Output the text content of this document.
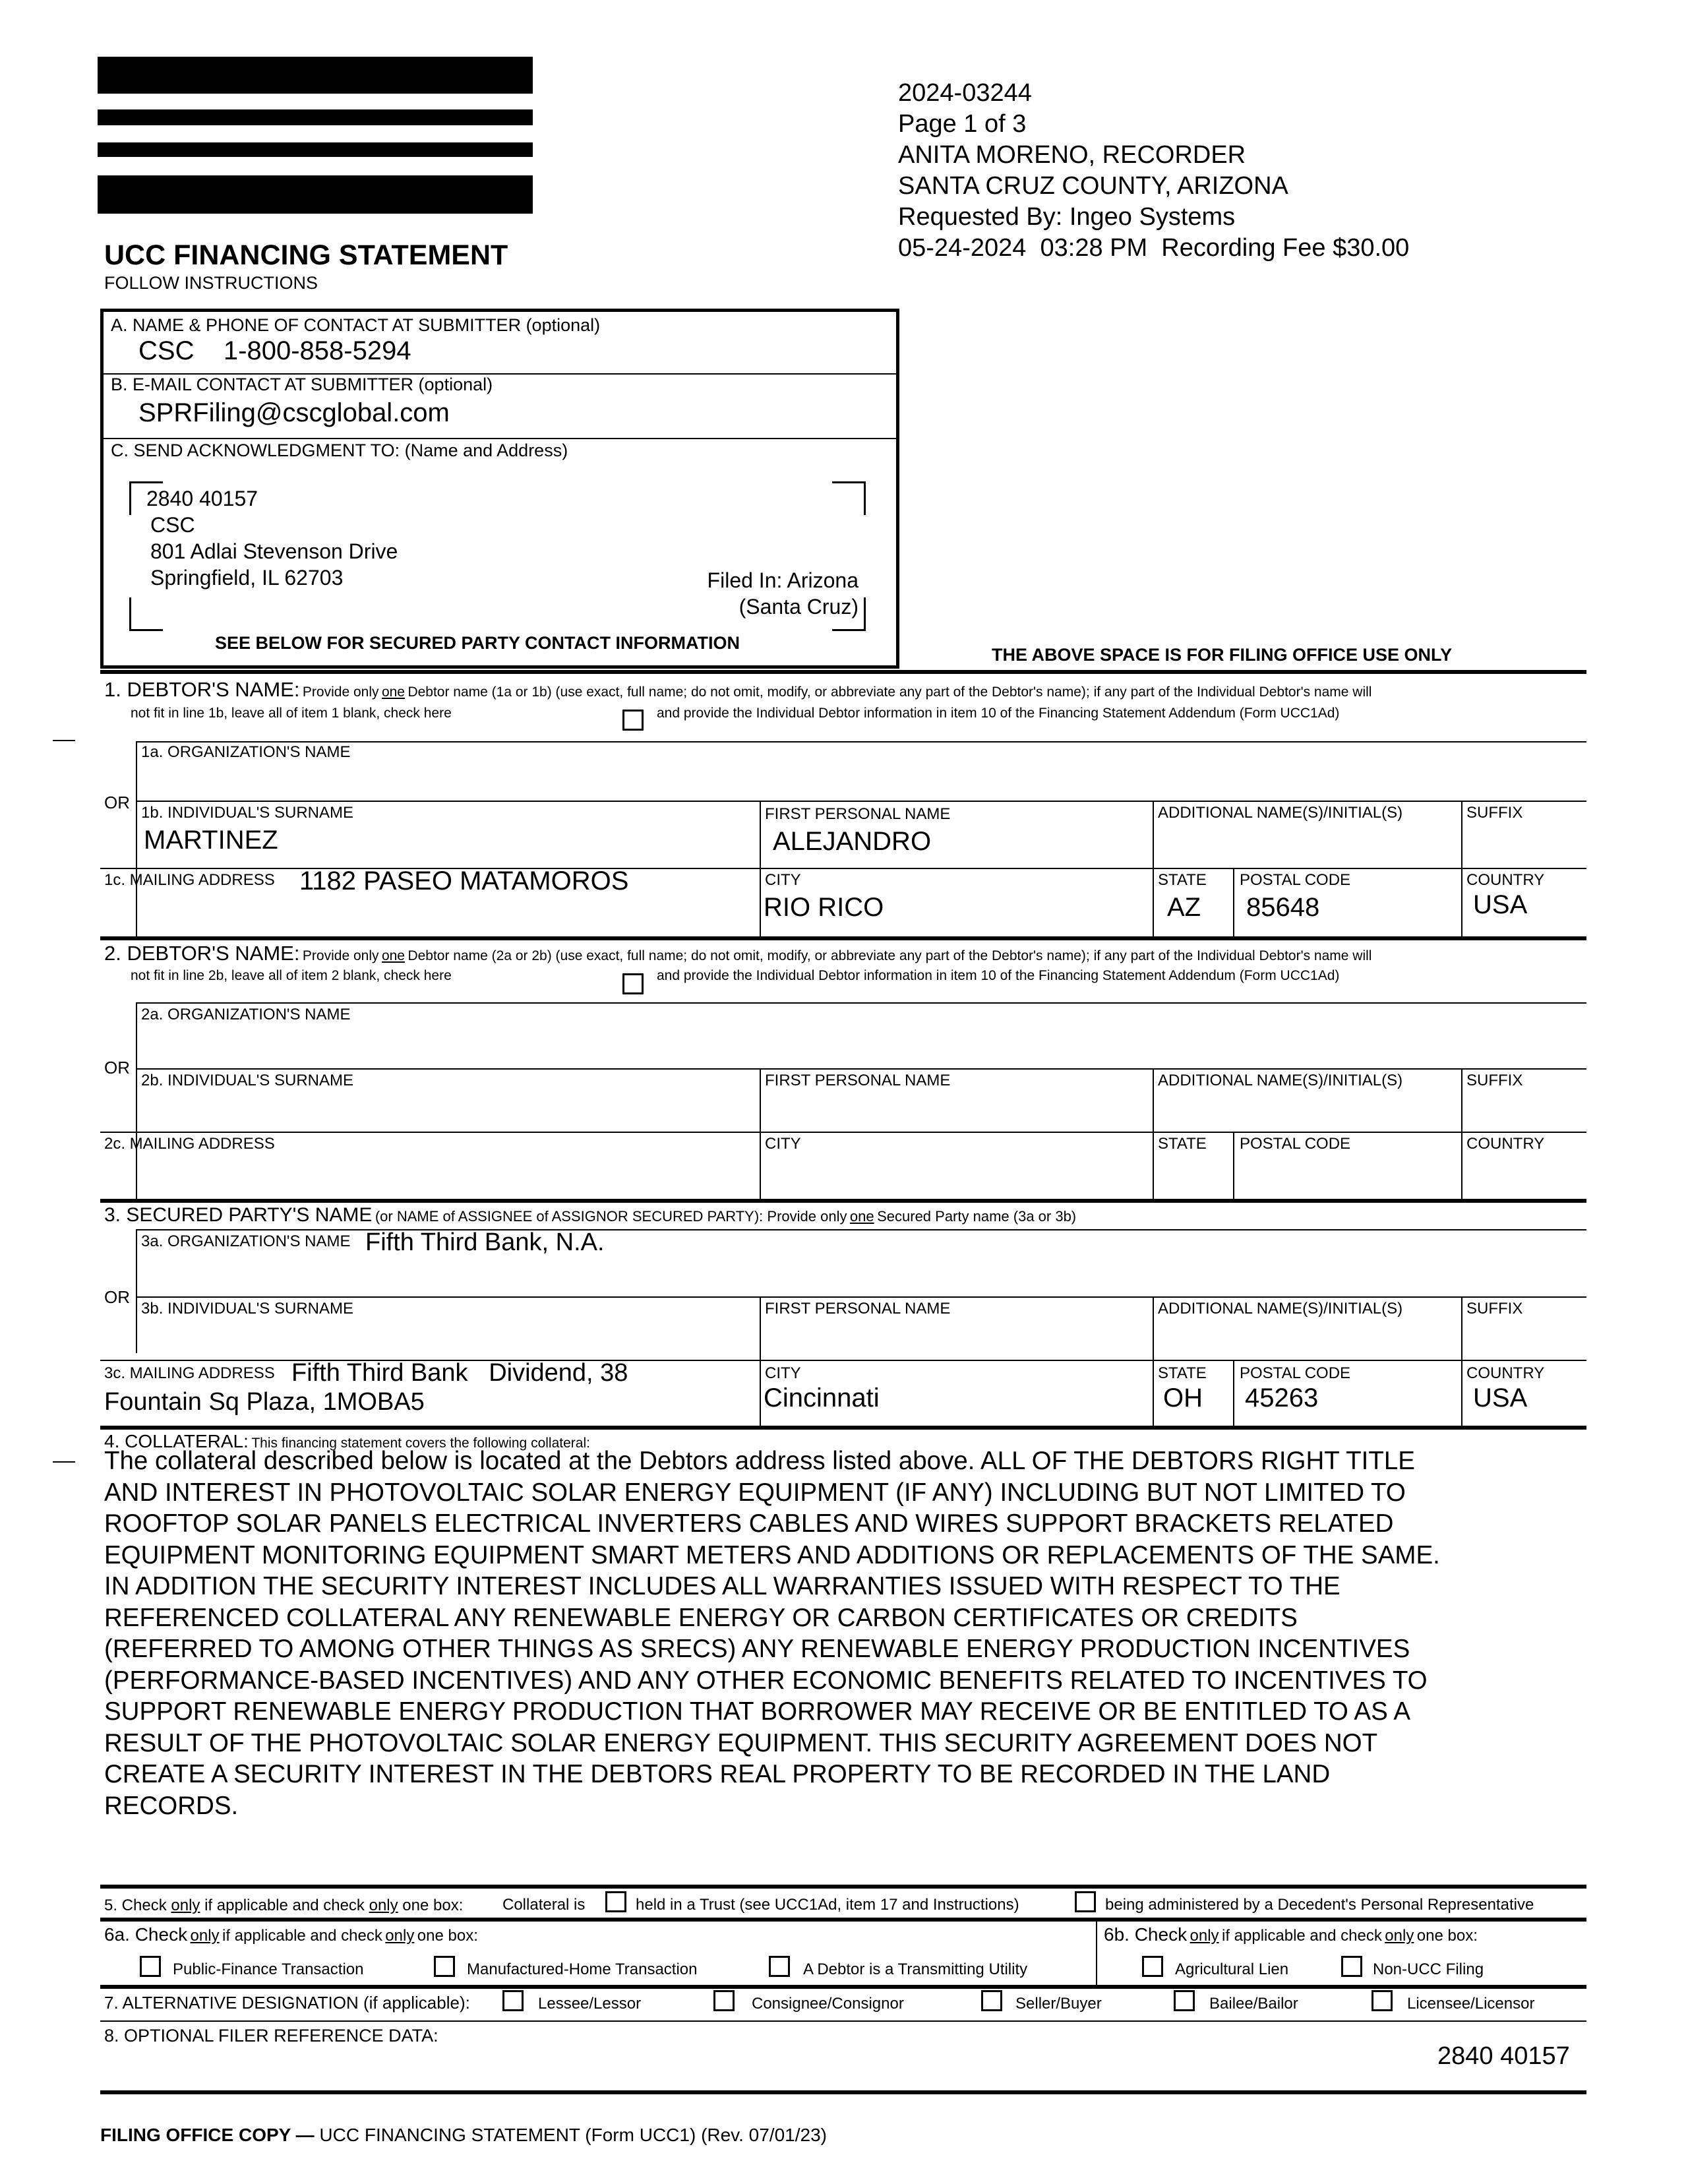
2024-03244
Page 1 of 3
ANITA MORENO, RECORDER
SANTA CRUZ COUNTY, ARIZONA
Requested By: Ingeo Systems
05-24-2024  03:28 PM  Recording Fee $30.00
UCC FINANCING STATEMENT
FOLLOW INSTRUCTIONS
A. NAME & PHONE OF CONTACT AT SUBMITTER (optional)
CSC    1-800-858-5294
B. E-MAIL CONTACT AT SUBMITTER (optional)
SPRFiling@cscglobal.com
C. SEND ACKNOWLEDGMENT TO: (Name and Address)
2840 40157
CSC
801 Adlai Stevenson Drive
Springfield, IL 62703	Filed In: Arizona
(Santa Cruz)
SEE BELOW FOR SECURED PARTY CONTACT INFORMATION
THE ABOVE SPACE IS FOR FILING OFFICE USE ONLY
1. DEBTOR'S NAME: Provide only one Debtor name (1a or 1b) (use exact, full name; do not omit, modify, or abbreviate any part of the Debtor's name); if any part of the Individual Debtor's name will
not fit in line 1b, leave all of item 1 blank, check here	and provide the Individual Debtor information in item 10 of the Financing Statement Addendum (Form UCC1Ad)
1a. ORGANIZATION'S NAME
OR
1b. INDIVIDUAL'S SURNAME
MARTINEZ
FIRST PERSONAL NAME
ALEJANDRO
ADDITIONAL NAME(S)/INITIAL(S)	SUFFIX
1c. MAILING ADDRESS 1182 PASEO MATAMOROS	CITY
RIO RICO
STATE
AZ
POSTAL CODE
85648
COUNTRY
USA
2. DEBTOR'S NAME: Provide only one Debtor name (2a or 2b) (use exact, full name; do not omit, modify, or abbreviate any part of the Debtor's name); if any part of the Individual Debtor's name will
not fit in line 2b, leave all of item 2 blank, check here	and provide the Individual Debtor information in item 10 of the Financing Statement Addendum (Form UCC1Ad)
2a. ORGANIZATION'S NAME
OR
2b. INDIVIDUAL'S SURNAME	FIRST PERSONAL NAME	ADDITIONAL NAME(S)/INITIAL(S)	SUFFIX
2c. MAILING ADDRESS	CITY	STATE POSTAL CODE	COUNTRY
3. SECURED PARTY'S NAME (or NAME of ASSIGNEE of ASSIGNOR SECURED PARTY): Provide only one Secured Party name (3a or 3b)
3a. ORGANIZATION'S NAME Fifth Third Bank, N.A.
OR
3b. INDIVIDUAL'S SURNAME	FIRST PERSONAL NAME	ADDITIONAL NAME(S)/INITIAL(S)	SUFFIX
3c. MAILING ADDRESS Fifth Third Bank   Dividend, 38
Fountain Sq Plaza, 1MOBA5
CITY
Cincinnati
STATE
OH
POSTAL CODE
45263
COUNTRY
USA
4. COLLATERAL: This financing statement covers the following collateral:
The collateral described below is located at the Debtors address listed above. ALL OF THE DEBTORS RIGHT TITLE
AND INTEREST IN PHOTOVOLTAIC SOLAR ENERGY EQUIPMENT (IF ANY) INCLUDING BUT NOT LIMITED TO
ROOFTOP SOLAR PANELS ELECTRICAL INVERTERS CABLES AND WIRES SUPPORT BRACKETS RELATED
EQUIPMENT MONITORING EQUIPMENT SMART METERS AND ADDITIONS OR REPLACEMENTS OF THE SAME.
IN ADDITION THE SECURITY INTEREST INCLUDES ALL WARRANTIES ISSUED WITH RESPECT TO THE
REFERENCED COLLATERAL ANY RENEWABLE ENERGY OR CARBON CERTIFICATES OR CREDITS
(REFERRED TO AMONG OTHER THINGS AS SRECS) ANY RENEWABLE ENERGY PRODUCTION INCENTIVES
(PERFORMANCE-BASED INCENTIVES) AND ANY OTHER ECONOMIC BENEFITS RELATED TO INCENTIVES TO
SUPPORT RENEWABLE ENERGY PRODUCTION THAT BORROWER MAY RECEIVE OR BE ENTITLED TO AS A
RESULT OF THE PHOTOVOLTAIC SOLAR ENERGY EQUIPMENT. THIS SECURITY AGREEMENT DOES NOT
CREATE A SECURITY INTEREST IN THE DEBTORS REAL PROPERTY TO BE RECORDED IN THE LAND
RECORDS.
5. Check only if applicable and check only one box: Collateral is	held in a Trust (see UCC1Ad, item 17 and Instructions)	being administered by a Decedent's Personal Representative
6a. Check only if applicable and check only one box:	6b. Check only if applicable and check only one box:
Public-Finance Transaction	Manufactured-Home Transaction	A Debtor is a Transmitting Utility	Agricultural Lien	Non-UCC Filing
7. ALTERNATIVE DESIGNATION (if applicable):	Lessee/Lessor	Consignee/Consignor	Seller/Buyer	Bailee/Bailor	Licensee/Licensor
8. OPTIONAL FILER REFERENCE DATA:
2840 40157
FILING OFFICE COPY — UCC FINANCING STATEMENT (Form UCC1) (Rev. 07/01/23)
